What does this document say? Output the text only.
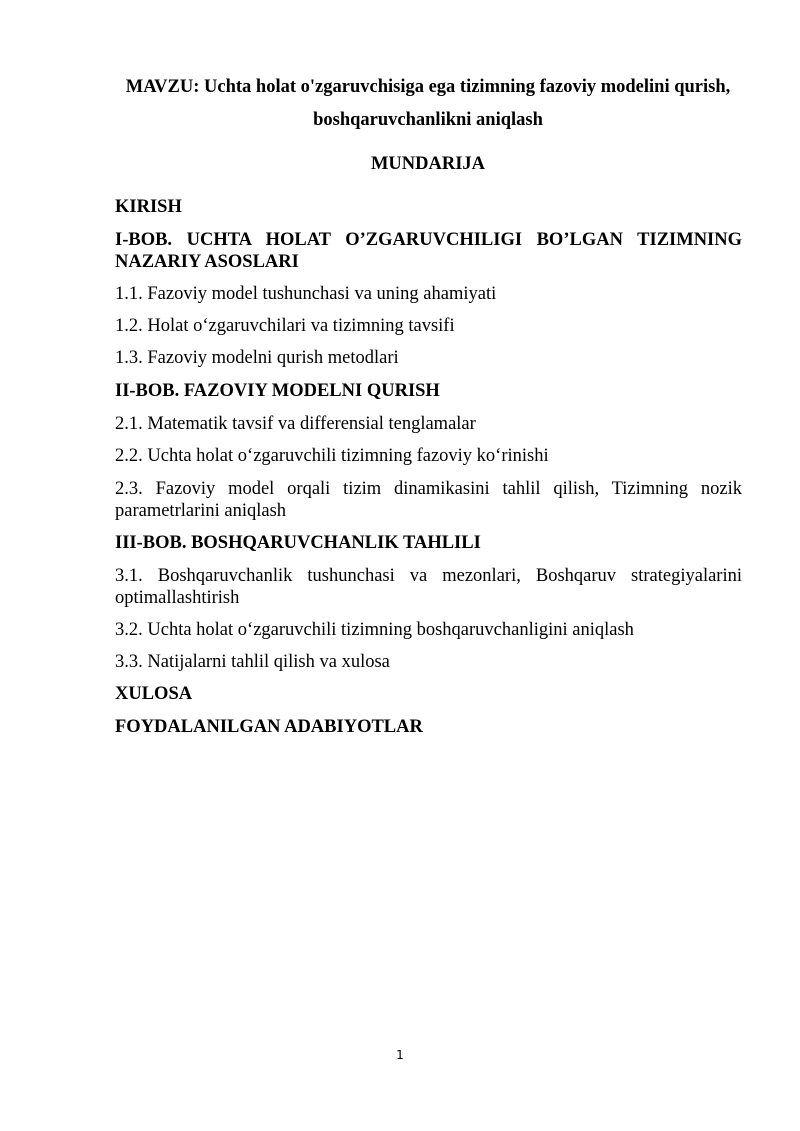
MAVZU: Uchta holat o'zgaruvchisiga ega tizimning fazoviy modelini qurish,

boshqaruvchanlikni aniqlash

MUNDARIJA

KIRISH

I-BOB. UCHTA HOLAT O’ZGARUVCHILIGI BO’LGAN TIZIMNING NAZARIY ASOSLARI

1.1. Fazoviy model tushunchasi va uning ahamiyati

1.2. Holat o‘zgaruvchilari va tizimning tavsifi

1.3. Fazoviy modelni qurish metodlari

II-BOB. FAZOVIY MODELNI QURISH

2.1. Matematik tavsif va differensial tenglamalar

2.2. Uchta holat o‘zgaruvchili tizimning fazoviy ko‘rinishi

2.3. Fazoviy model orqali tizim dinamikasini tahlil qilish, Tizimning nozik parametrlarini aniqlash

III-BOB. BOSHQARUVCHANLIK TAHLILI

3.1. Boshqaruvchanlik tushunchasi va mezonlari, Boshqaruv strategiyalarini optimallashtirish

3.2. Uchta holat o‘zgaruvchili tizimning boshqaruvchanligini aniqlash

3.3. Natijalarni tahlil qilish va xulosa

XULOSA

FOYDALANILGAN ADABIYOTLAR

1
